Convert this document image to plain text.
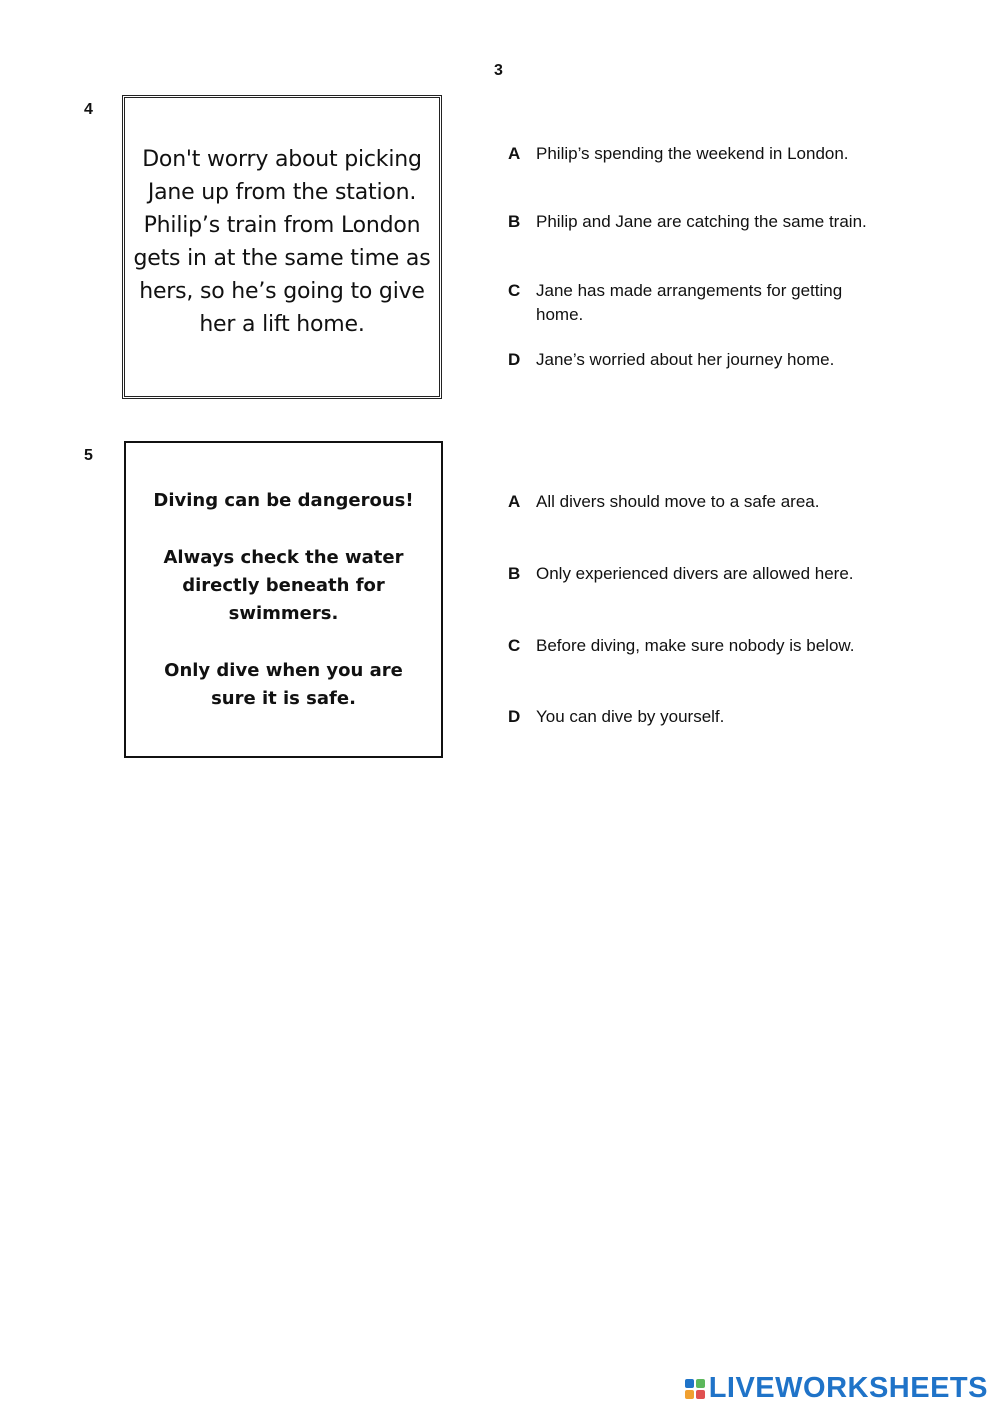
3
4
Don't worry about picking
Jane up from the station.
Philip’s train from London
gets in at the same time as
hers, so he’s going to give
her a lift home.
A Philip’s spending the weekend in London.
B Philip and Jane are catching the same train.
C Jane has made arrangements for getting home.
D Jane’s worried about her journey home.
5

Diving can be dangerous!

Always check the water directly beneath for swimmers.

Only dive when you are sure it is safe.

A All divers should move to a safe area.
B Only experienced divers are allowed here.
C Before diving, make sure nobody is below.
D You can dive by yourself.
LIVEWORKSHEETS
